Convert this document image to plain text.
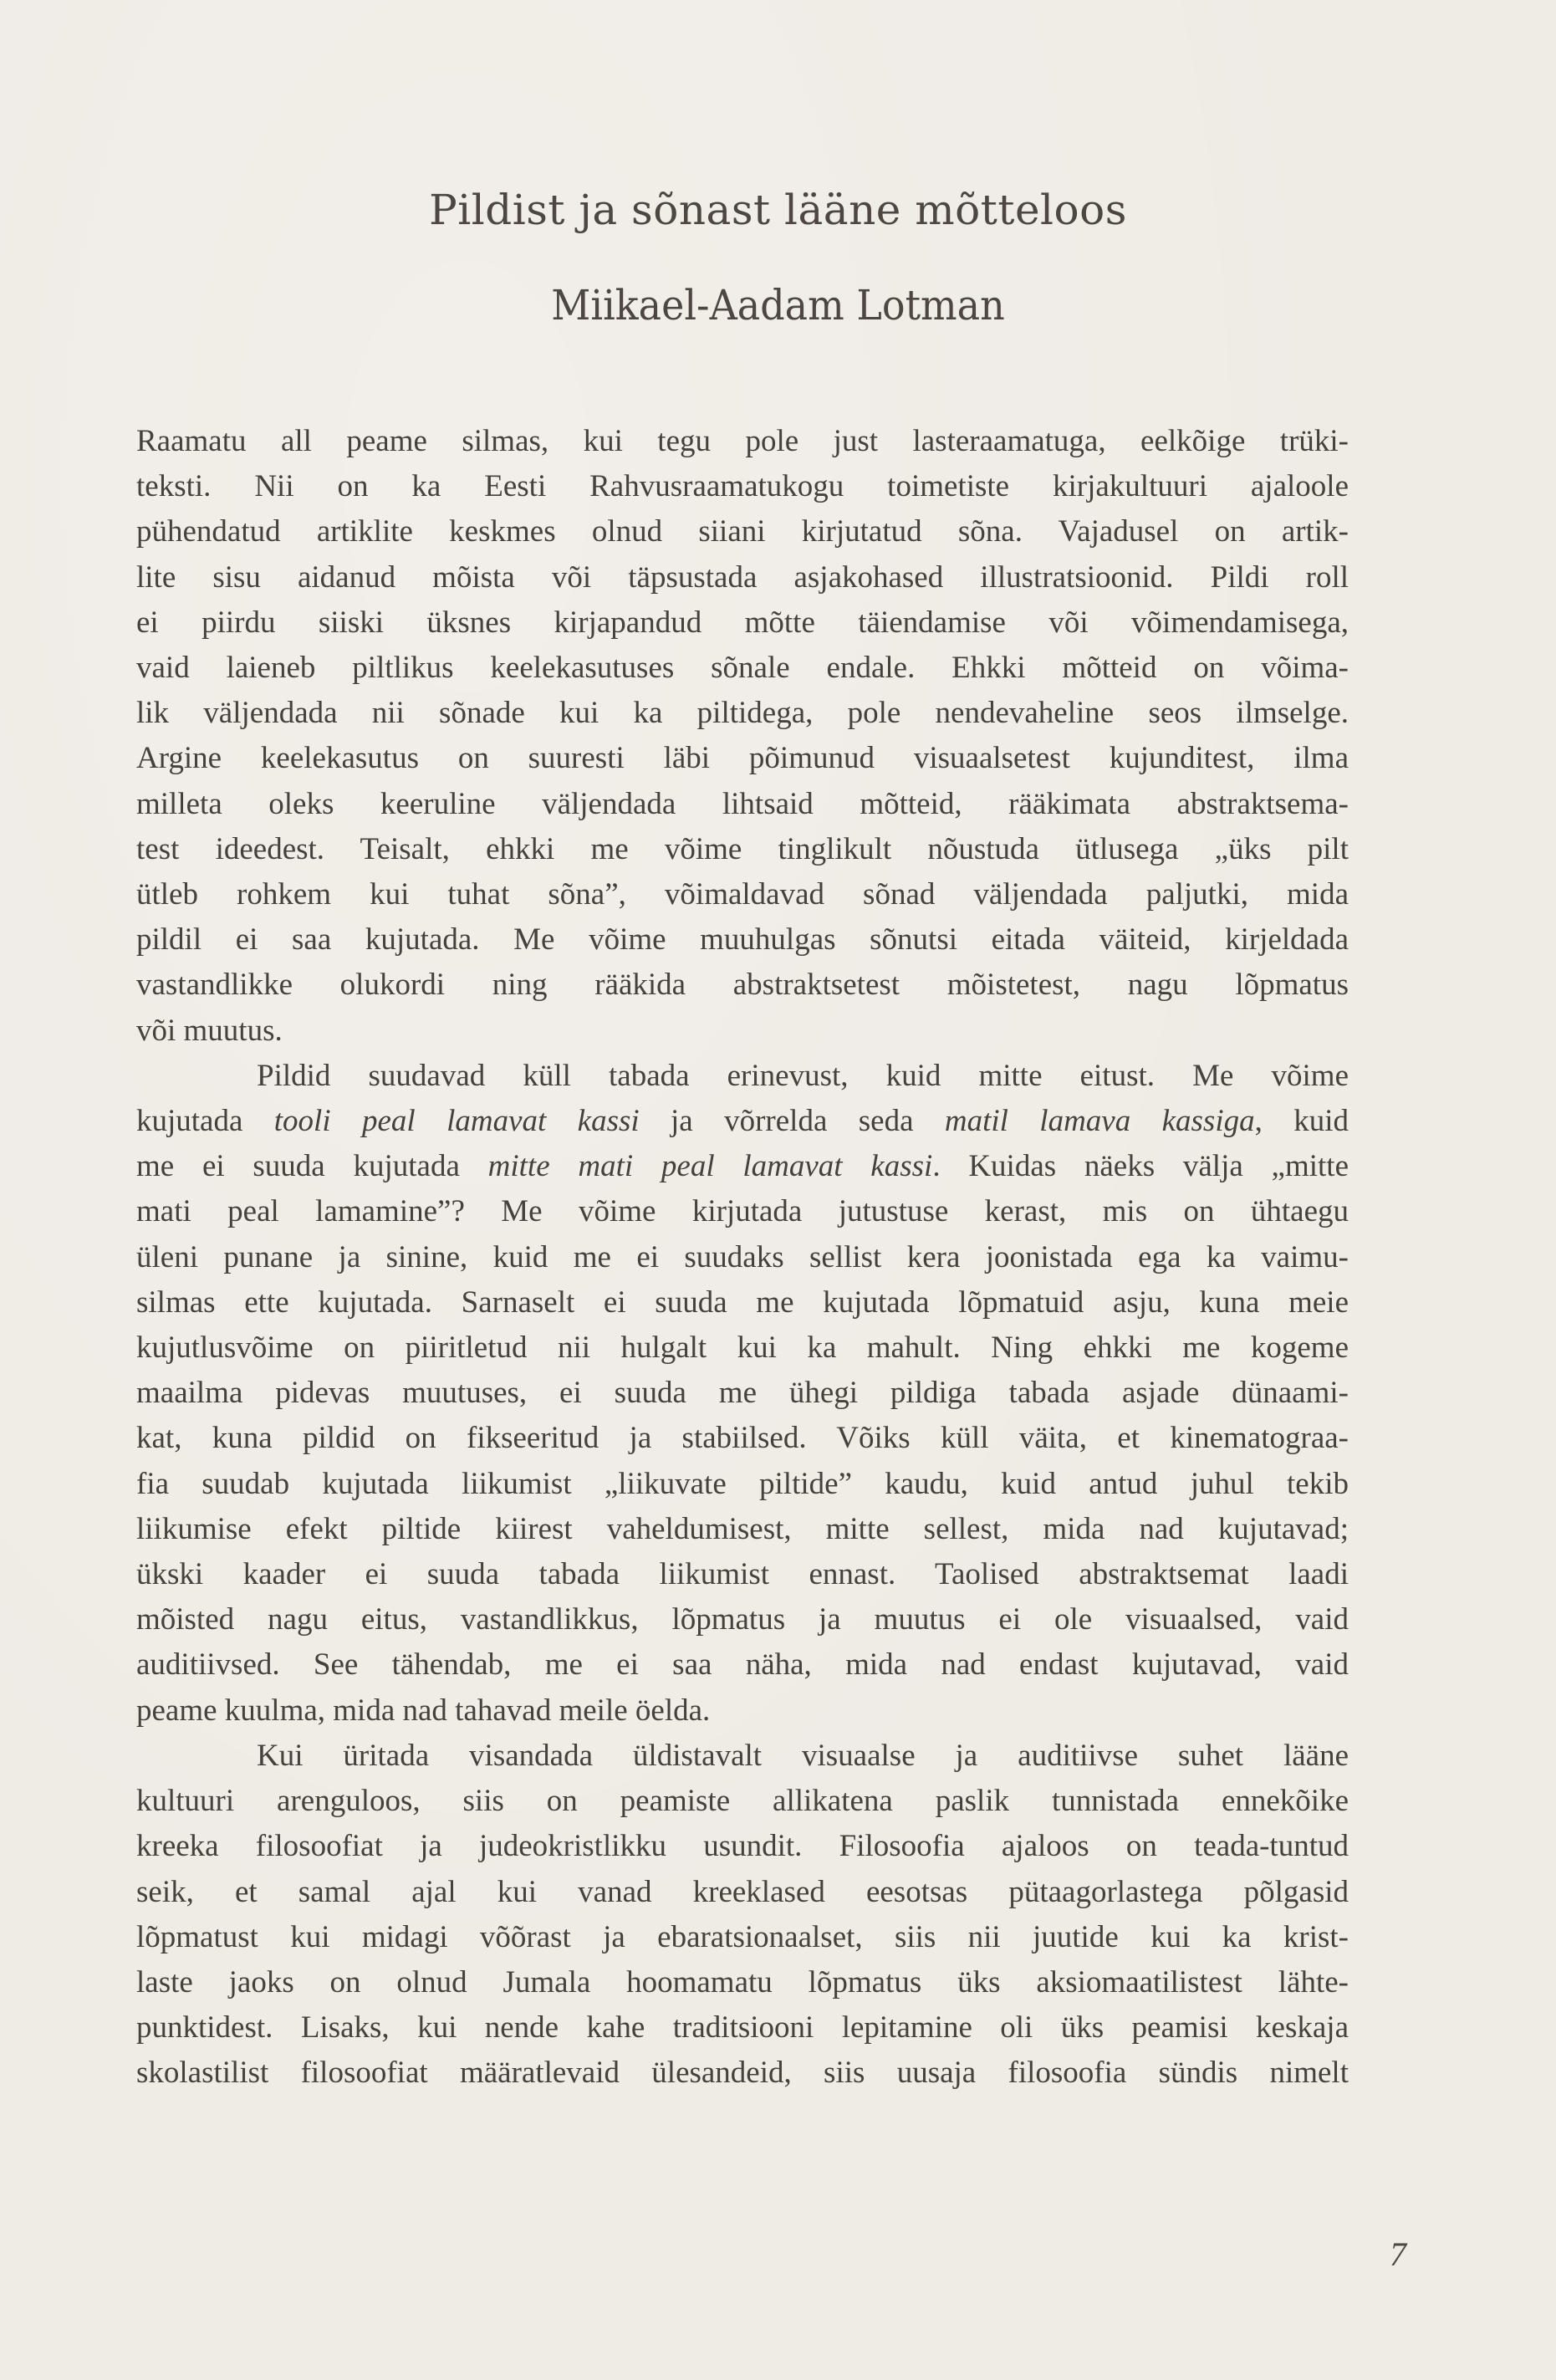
Pildist ja sõnast lääne mõtteloos
Miikael-Aadam Lotman

Raamatu all peame silmas, kui tegu pole just lasteraamatuga, eelkõige trüki-
teksti. Nii on ka Eesti Rahvusraamatukogu toimetiste kirjakultuuri ajaloole
pühendatud artiklite keskmes olnud siiani kirjutatud sõna. Vajadusel on artik-
lite sisu aidanud mõista või täpsustada asjakohased illustratsioonid. Pildi roll
ei piirdu siiski üksnes kirjapandud mõtte täiendamise või võimendamisega,
vaid laieneb piltlikus keelekasutuses sõnale endale. Ehkki mõtteid on võima-
lik väljendada nii sõnade kui ka piltidega, pole nendevaheline seos ilmselge.
Argine keelekasutus on suuresti läbi põimunud visuaalsetest kujunditest, ilma
milleta oleks keeruline väljendada lihtsaid mõtteid, rääkimata abstraktsema-
test ideedest. Teisalt, ehkki me võime tinglikult nõustuda ütlusega „üks pilt
ütleb rohkem kui tuhat sõna”, võimaldavad sõnad väljendada paljutki, mida
pildil ei saa kujutada. Me võime muuhulgas sõnutsi eitada väiteid, kirjeldada
vastandlikke olukordi ning rääkida abstraktsetest mõistetest, nagu lõpmatus
või muutus.

Pildid suudavad küll tabada erinevust, kuid mitte eitust. Me võime
kujutada tooli peal lamavat kassi ja võrrelda seda matil lamava kassiga, kuid
me ei suuda kujutada mitte mati peal lamavat kassi. Kuidas näeks välja „mitte
mati peal lamamine”? Me võime kirjutada jutustuse kerast, mis on ühtaegu
üleni punane ja sinine, kuid me ei suudaks sellist kera joonistada ega ka vaimu-
silmas ette kujutada. Sarnaselt ei suuda me kujutada lõpmatuid asju, kuna meie
kujutlusvõime on piiritletud nii hulgalt kui ka mahult. Ning ehkki me kogeme
maailma pidevas muutuses, ei suuda me ühegi pildiga tabada asjade dünaami-
kat, kuna pildid on fikseeritud ja stabiilsed. Võiks küll väita, et kinematograa-
fia suudab kujutada liikumist „liikuvate piltide” kaudu, kuid antud juhul tekib
liikumise efekt piltide kiirest vaheldumisest, mitte sellest, mida nad kujutavad;
ükski kaader ei suuda tabada liikumist ennast. Taolised abstraktsemat laadi
mõisted nagu eitus, vastandlikkus, lõpmatus ja muutus ei ole visuaalsed, vaid
auditiivsed. See tähendab, me ei saa näha, mida nad endast kujutavad, vaid
peame kuulma, mida nad tahavad meile öelda.

Kui üritada visandada üldistavalt visuaalse ja auditiivse suhet lääne
kultuuri arenguloos, siis on peamiste allikatena paslik tunnistada ennekõike
kreeka filosoofiat ja judeokristlikku usundit. Filosoofia ajaloos on teada-tuntud
seik, et samal ajal kui vanad kreeklased eesotsas pütaagorlastega põlgasid
lõpmatust kui midagi võõrast ja ebaratsionaalset, siis nii juutide kui ka krist-
laste jaoks on olnud Jumala hoomamatu lõpmatus üks aksiomaatilistest lähte-
punktidest. Lisaks, kui nende kahe traditsiooni lepitamine oli üks peamisi keskaja
skolastilist filosoofiat määratlevaid ülesandeid, siis uusaja filosoofia sündis nimelt

7
